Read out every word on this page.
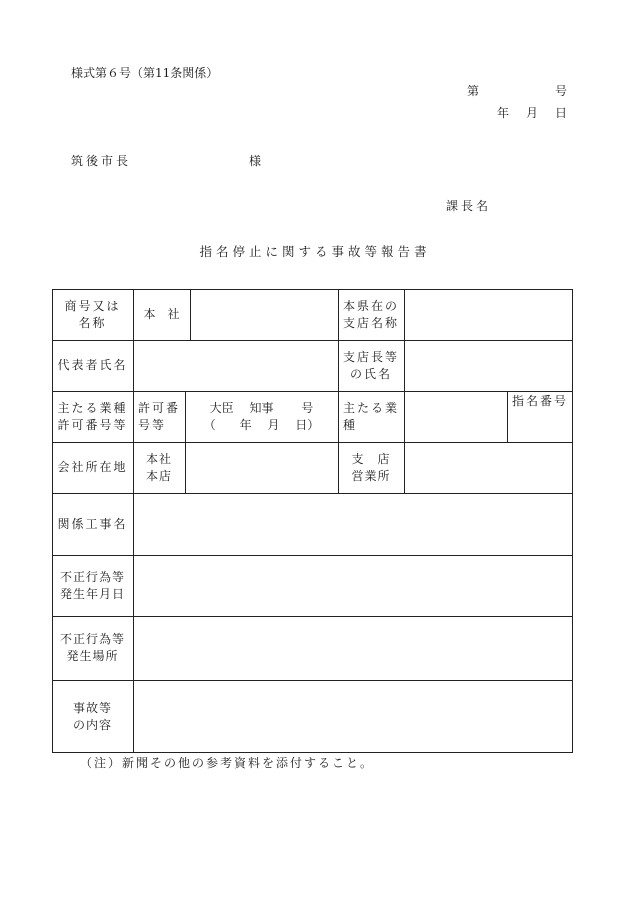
様式第６号（第11条関係）
第	号
年 月 日
筑後市長	様
課長名
指名停止に関する事故等報告書
商号又は
名称
本　社
本県在の
支店名称
代表者氏名
支店長等
の氏名
主たる業種
許可番号等
許可番
号等
大臣　 知事　　 号
（　　年　 月　 日）
主たる業
種
指名番号
会社所在地
本社
本店
支　店
営業所
関係工事名
不正行為等
発生年月日
不正行為等
発生場所
事故等
の内容
（注）新聞その他の参考資料を添付すること。
